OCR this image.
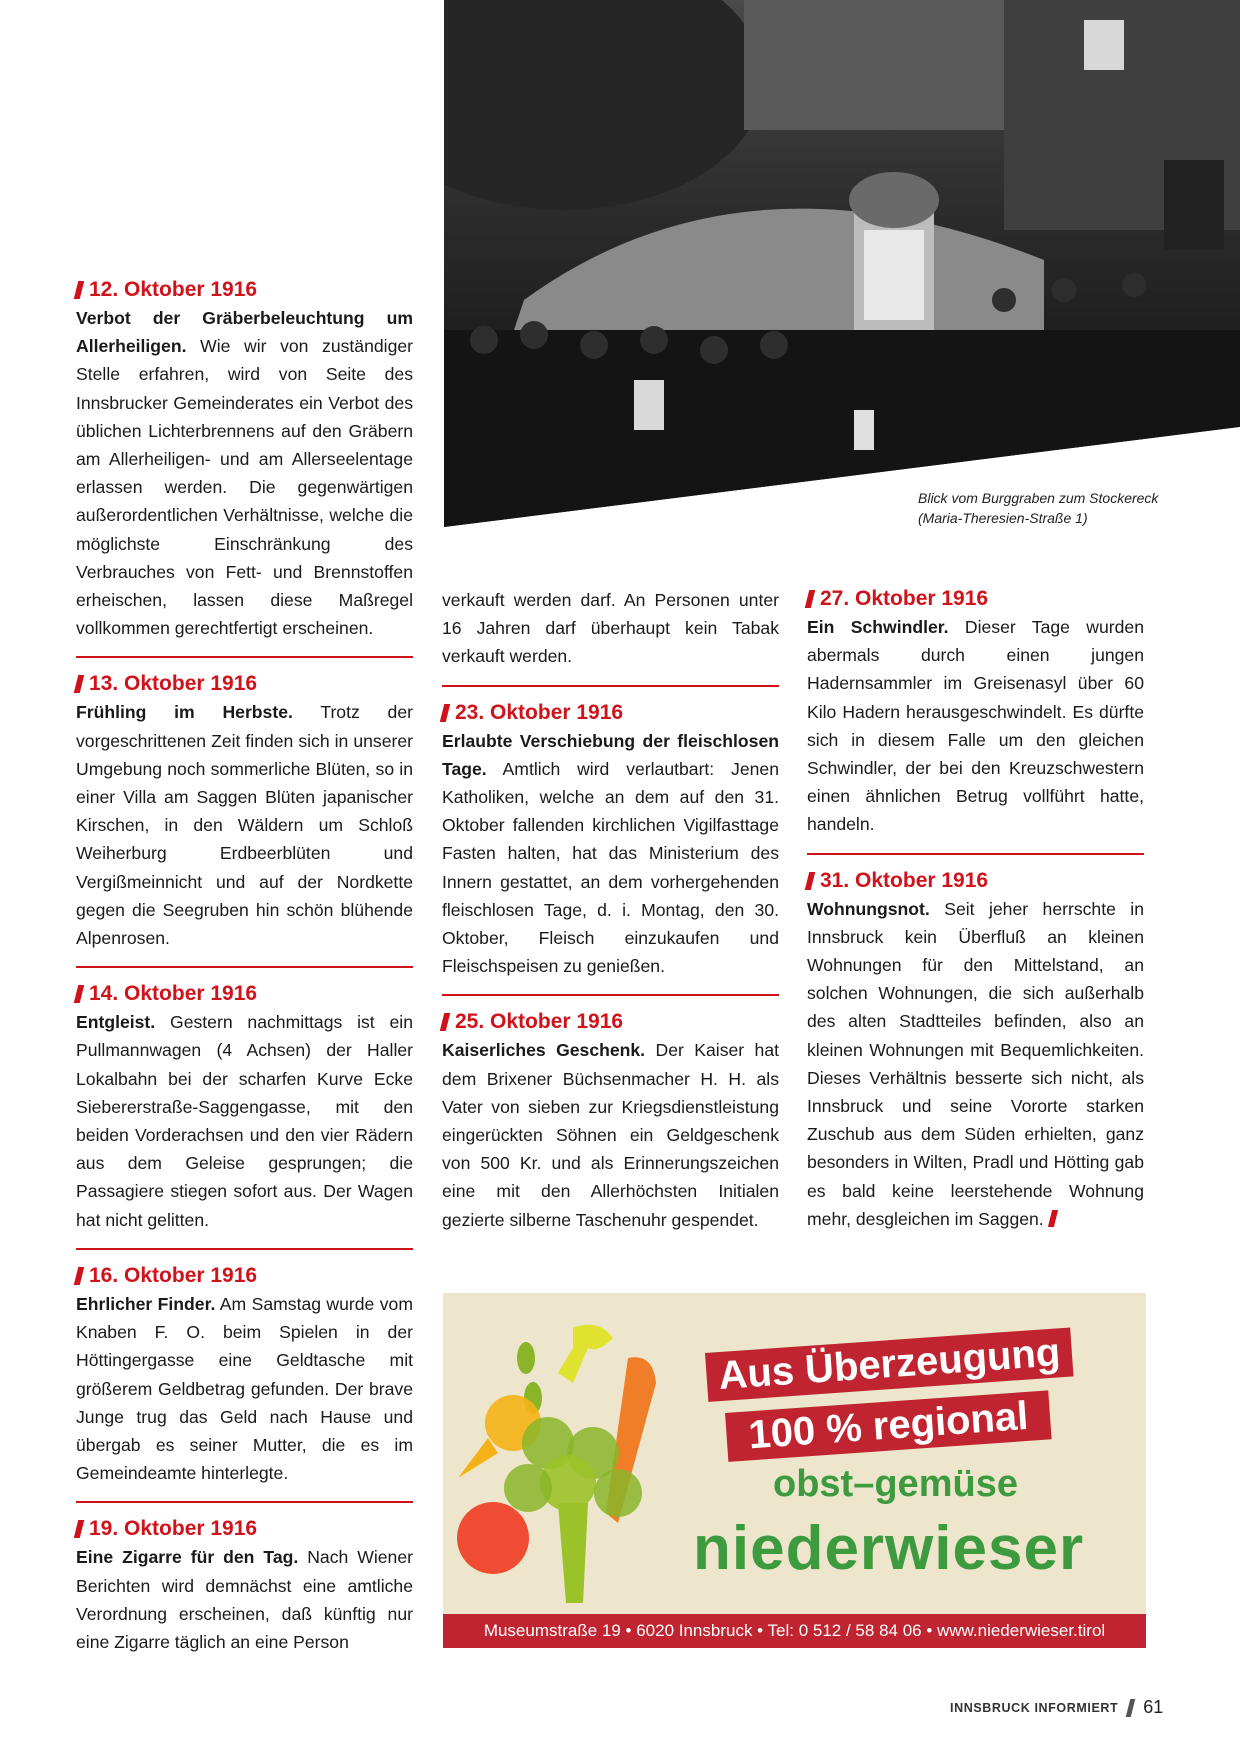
Blick vom Burggraben zum Stockereck
(Maria-Theresien-Straße 1)
12. Oktober 1916

Verbot der Gräberbeleuchtung um Allerheiligen. Wie wir von zuständiger Stelle erfahren, wird von Seite des Innsbrucker Gemeinderates ein Verbot des üblichen Lichterbrennens auf den Gräbern am Allerheiligen- und am Allerseelentage erlassen werden. Die gegenwärtigen außerordentlichen Verhältnisse, welche die möglichste Einschränkung des Verbrauches von Fett- und Brennstoffen erheischen, lassen diese Maßregel vollkommen gerechtfertigt erscheinen.

13. Oktober 1916

Frühling im Herbste. Trotz der vorgeschrittenen Zeit finden sich in unserer Umgebung noch sommerliche Blüten, so in einer Villa am Saggen Blüten japanischer Kirschen, in den Wäldern um Schloß Weiherburg Erdbeerblüten und Vergißmeinnicht und auf der Nordkette gegen die Seegruben hin schön blühende Alpenrosen.

14. Oktober 1916

Entgleist. Gestern nachmittags ist ein Pullmannwagen (4 Achsen) der Haller Lokalbahn bei der scharfen Kurve Ecke Siebererstraße-Saggengasse, mit den beiden Vorderachsen und den vier Rädern aus dem Geleise gesprungen; die Passagiere stiegen sofort aus. Der Wagen hat nicht gelitten.

16. Oktober 1916

Ehrlicher Finder. Am Samstag wurde vom Knaben F. O. beim Spielen in der Höttingergasse eine Geldtasche mit größerem Geldbetrag gefunden. Der brave Junge trug das Geld nach Hause und übergab es seiner Mutter, die es im Gemeindeamte hinterlegte.

19. Oktober 1916

Eine Zigarre für den Tag. Nach Wiener Berichten wird demnächst eine amtliche Verordnung erscheinen, daß künftig nur eine Zigarre täglich an eine Person

verkauft werden darf. An Personen unter 16 Jahren darf überhaupt kein Tabak verkauft werden.

23. Oktober 1916

Erlaubte Verschiebung der fleischlosen Tage. Amtlich wird verlautbart: Jenen Katholiken, welche an dem auf den 31. Oktober fallenden kirchlichen Vigilfasttage Fasten halten, hat das Ministerium des Innern gestattet, an dem vorhergehenden fleischlosen Tage, d. i. Montag, den 30. Oktober, Fleisch einzukaufen und Fleischspeisen zu genießen.

25. Oktober 1916

Kaiserliches Geschenk. Der Kaiser hat dem Brixener Büchsenmacher H. H. als Vater von sieben zur Kriegsdienstleistung eingerückten Söhnen ein Geldgeschenk von 500 Kr. und als Erinnerungszeichen eine mit den Allerhöchsten Initialen gezierte silberne Taschenuhr gespendet.

27. Oktober 1916

Ein Schwindler. Dieser Tage wurden abermals durch einen jungen Hadernsammler im Greisenasyl über 60 Kilo Hadern herausgeschwindelt. Es dürfte sich in diesem Falle um den gleichen Schwindler, der bei den Kreuzschwestern einen ähnlichen Betrug vollführt hatte, handeln.

31. Oktober 1916

Wohnungsnot. Seit jeher herrschte in Innsbruck kein Überfluß an kleinen Wohnungen für den Mittelstand, an solchen Wohnungen, die sich außerhalb des alten Stadtteiles befinden, also an kleinen Wohnungen mit Bequemlichkeiten. Dieses Verhältnis besserte sich nicht, als Innsbruck und seine Vororte starken Zuschub aus dem Süden erhielten, ganz besonders in Wilten, Pradl und Hötting gab es bald keine leerstehende Wohnung mehr, desgleichen im Saggen.

Aus Überzeugung
100 % regional
obst–gemüse
niederwieser
Museumstraße 19 • 6020 Innsbruck • Tel: 0 512 / 58 84 06 • www.niederwieser.tirol
INNSBRUCK INFORMIERT 61
